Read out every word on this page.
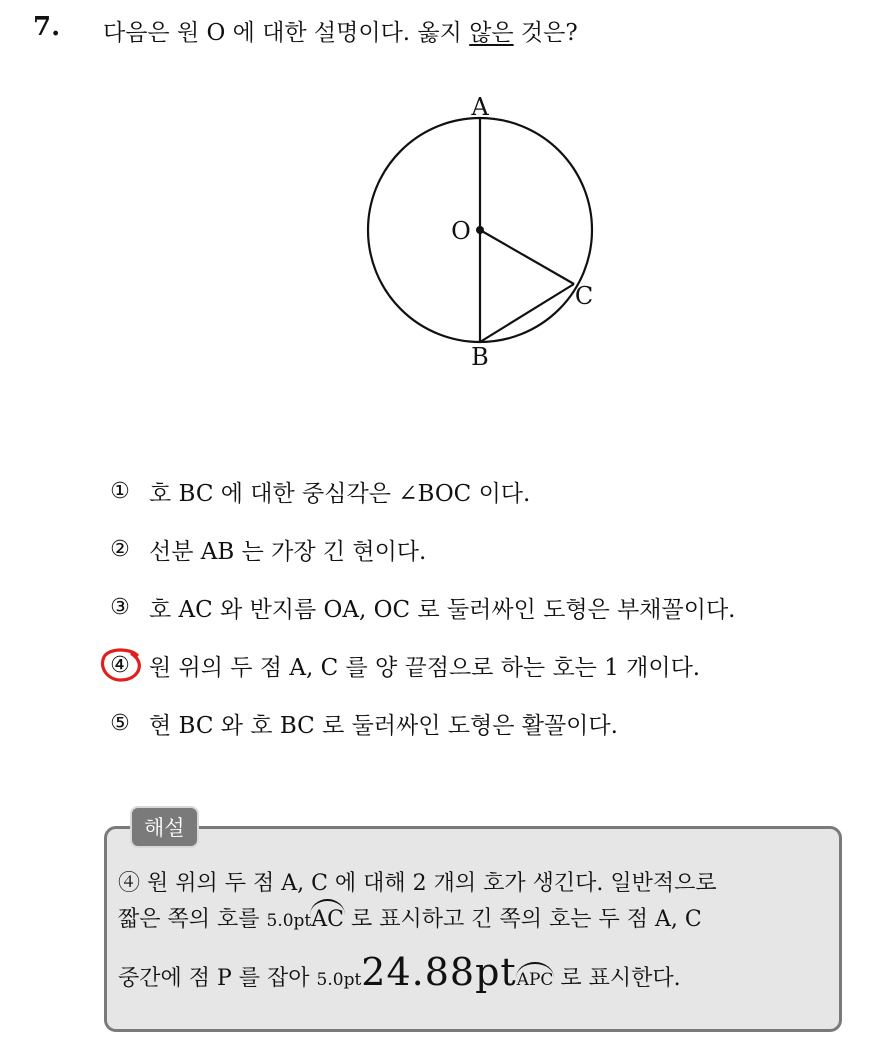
7. 다음은 원 O 에 대한 설명이다. 옳지 않은 것은?
A
O
C
B
① 호 BC 에 대한 중심각은 ∠BOC 이다.
② 선분 AB 는 가장 긴 현이다.
③ 호 AC 와 반지름 OA, OC 로 둘러싸인 도형은 부채꼴이다.
④ 원 위의 두 점 A, C 를 양 끝점으로 하는 호는 1 개이다.
⑤ 현 BC 와 호 BC 로 둘러싸인 도형은 활꼴이다.
해설
④ 원 위의 두 점 A, C 에 대해 2 개의 호가 생긴다. 일반적으로
짧은 쪽의 호를 5.0ptAC 로 표시하고 긴 쪽의 호는 두 점 A, C
중간에 점 P 를 잡아 5.0pt24.88ptAPC 로 표시한다.
